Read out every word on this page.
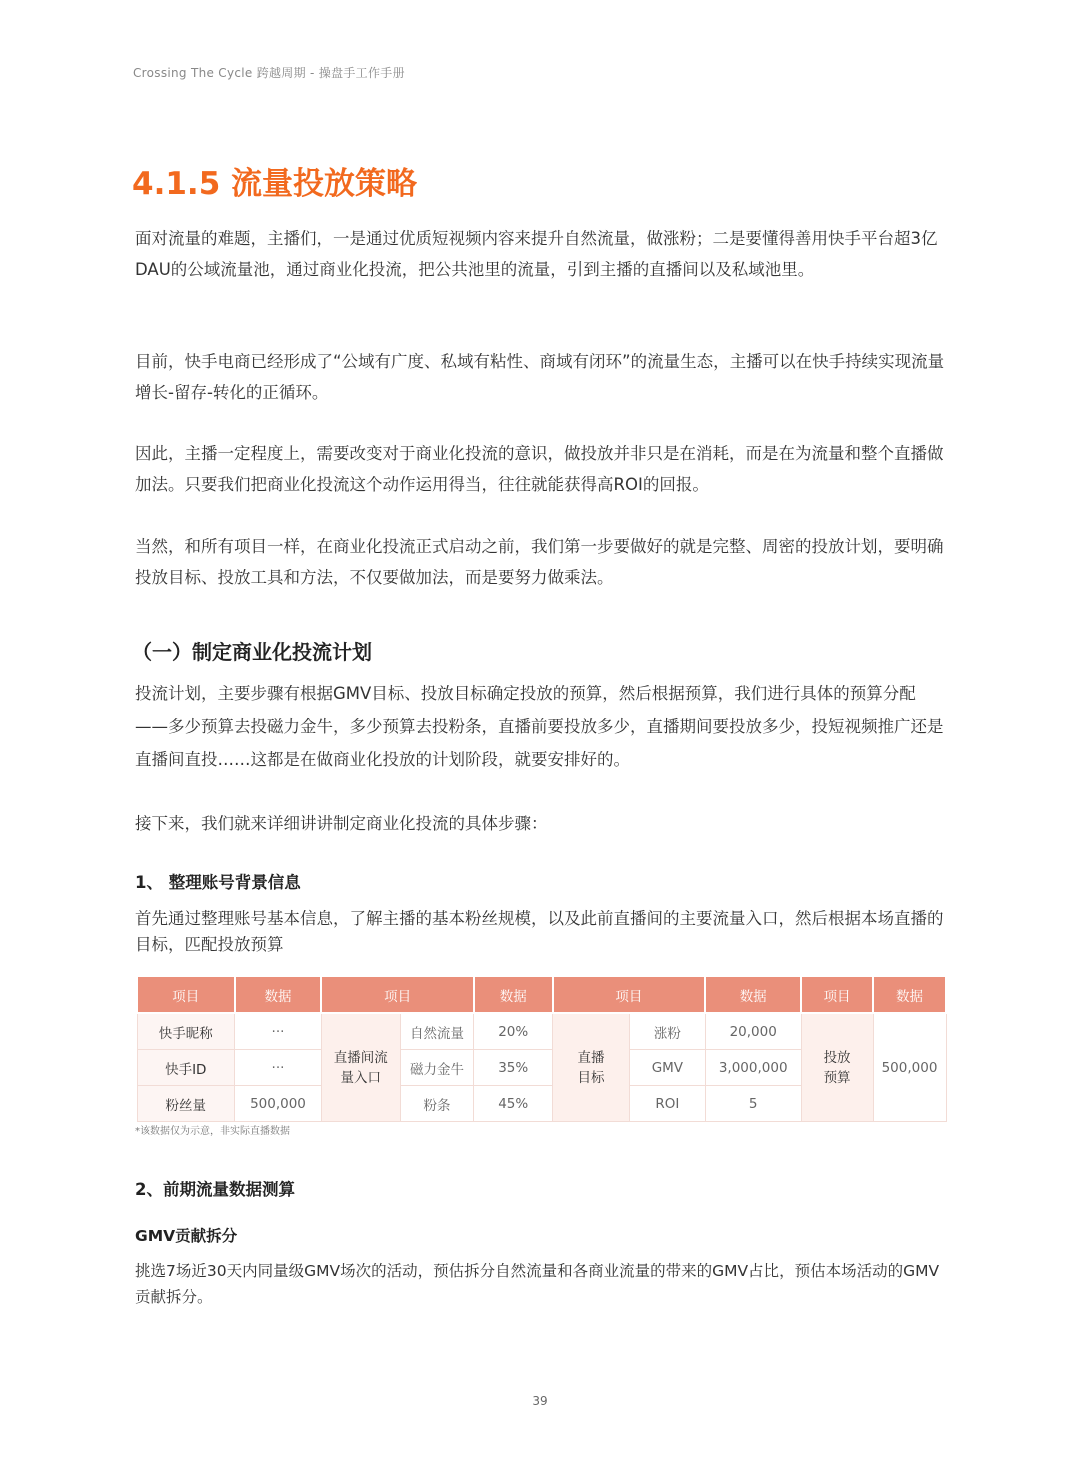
Crossing The Cycle 跨越周期 - 操盘手工作手册
4.1.5 流量投放策略
面对流量的难题，主播们，一是通过优质短视频内容来提升自然流量，做涨粉；二是要懂得善用快手平台超3亿DAU的公域流量池，通过商业化投流，把公共池里的流量，引到主播的直播间以及私域池里。
目前，快手电商已经形成了“公域有广度、私域有粘性、商域有闭环”的流量生态，主播可以在快手持续实现流量增长-留存-转化的正循环。
因此，主播一定程度上，需要改变对于商业化投流的意识，做投放并非只是在消耗，而是在为流量和整个直播做加法。只要我们把商业化投流这个动作运用得当，往往就能获得高ROI的回报。
当然，和所有项目一样，在商业化投流正式启动之前，我们第一步要做好的就是完整、周密的投放计划，要明确投放目标、投放工具和方法，不仅要做加法，而是要努力做乘法。
（一）制定商业化投流计划
投流计划，主要步骤有根据GMV目标、投放目标确定投放的预算，然后根据预算，我们进行具体的预算分配——多少预算去投磁力金牛，多少预算去投粉条，直播前要投放多少，直播期间要投放多少，投短视频推广还是直播间直投……这都是在做商业化投放的计划阶段，就要安排好的。
接下来，我们就来详细讲讲制定商业化投流的具体步骤：
1、 整理账号背景信息
首先通过整理账号基本信息，了解主播的基本粉丝规模，以及此前直播间的主要流量入口，然后根据本场直播的目标，匹配投放预算
项目	数据	项目		数据	项目		数据	项目	数据
快手昵称	···	直播间流量入口	自然流量	20%	直播目标	涨粉	20,000	投放预算	500,000
快手ID	···		磁力金牛	35%		GMV	3,000,000		
粉丝量	500,000		粉条	45%		ROI	5		
*该数据仅为示意，非实际直播数据
2、前期流量数据测算
GMV贡献拆分
挑选7场近30天内同量级GMV场次的活动，预估拆分自然流量和各商业流量的带来的GMV占比，预估本场活动的GMV贡献拆分。
39
